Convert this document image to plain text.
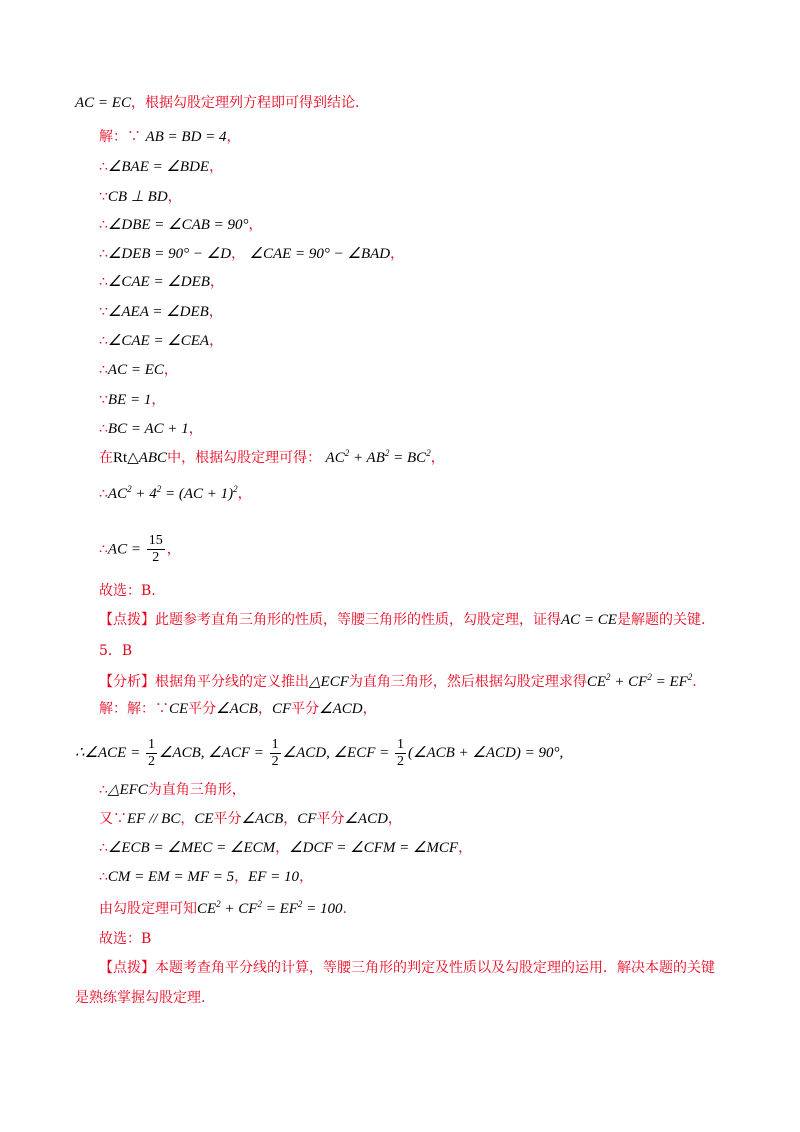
AC = EC，根据勾股定理列方程即可得到结论.
解：∵ AB = BD = 4，
∴∠BAE = ∠BDE，
∵CB ⊥ BD，
∴∠DBE = ∠CAB = 90°，
∴∠DEB = 90° − ∠D， ∠CAE = 90° − ∠BAD，
∴∠CAE = ∠DEB，
∵∠AEA = ∠DEB，
∴∠CAE = ∠CEA，
∴AC = EC，
∵BE = 1，
∴BC = AC + 1，
在Rt△ABC中，根据勾股定理可得： $AC^2 + AB^2 = BC^2$，
$\therefore AC^2 + 4^2 = (AC + 1)^2$，
∴AC = $\frac{15}{2}$ ，
故选：B.
【点拨】此题参考直角三角形的性质，等腰三角形的性质，勾股定理，证得AC = CE是解题的关键.
5．B
【分析】根据角平分线的定义推出△ECF为直角三角形，然后根据勾股定理求得$CE^2 + CF^2 = EF^2$.
解：解：∵CE平分∠ACB，CF平分∠ACD，
∴∠ACE = $\frac{1}{2}$ ∠ACB, ∠ACF = $\frac{1}{2}$ ∠ACD, ∠ECF = $\frac{1}{2}$ (∠ACB + ∠ACD) = 90°,
∴△EFC为直角三角形，
又∵EF // BC，CE平分∠ACB，CF平分∠ACD，
∴∠ECB = ∠MEC = ∠ECM，∠DCF = ∠CFM = ∠MCF，
∴CM = EM = MF = 5，EF = 10，
由勾股定理可知$CE^2 + CF^2 = EF^2 = 100$.
故选：B
【点拨】本题考查角平分线的计算，等腰三角形的判定及性质以及勾股定理的运用．解决本题的关键
是熟练掌握勾股定理.
